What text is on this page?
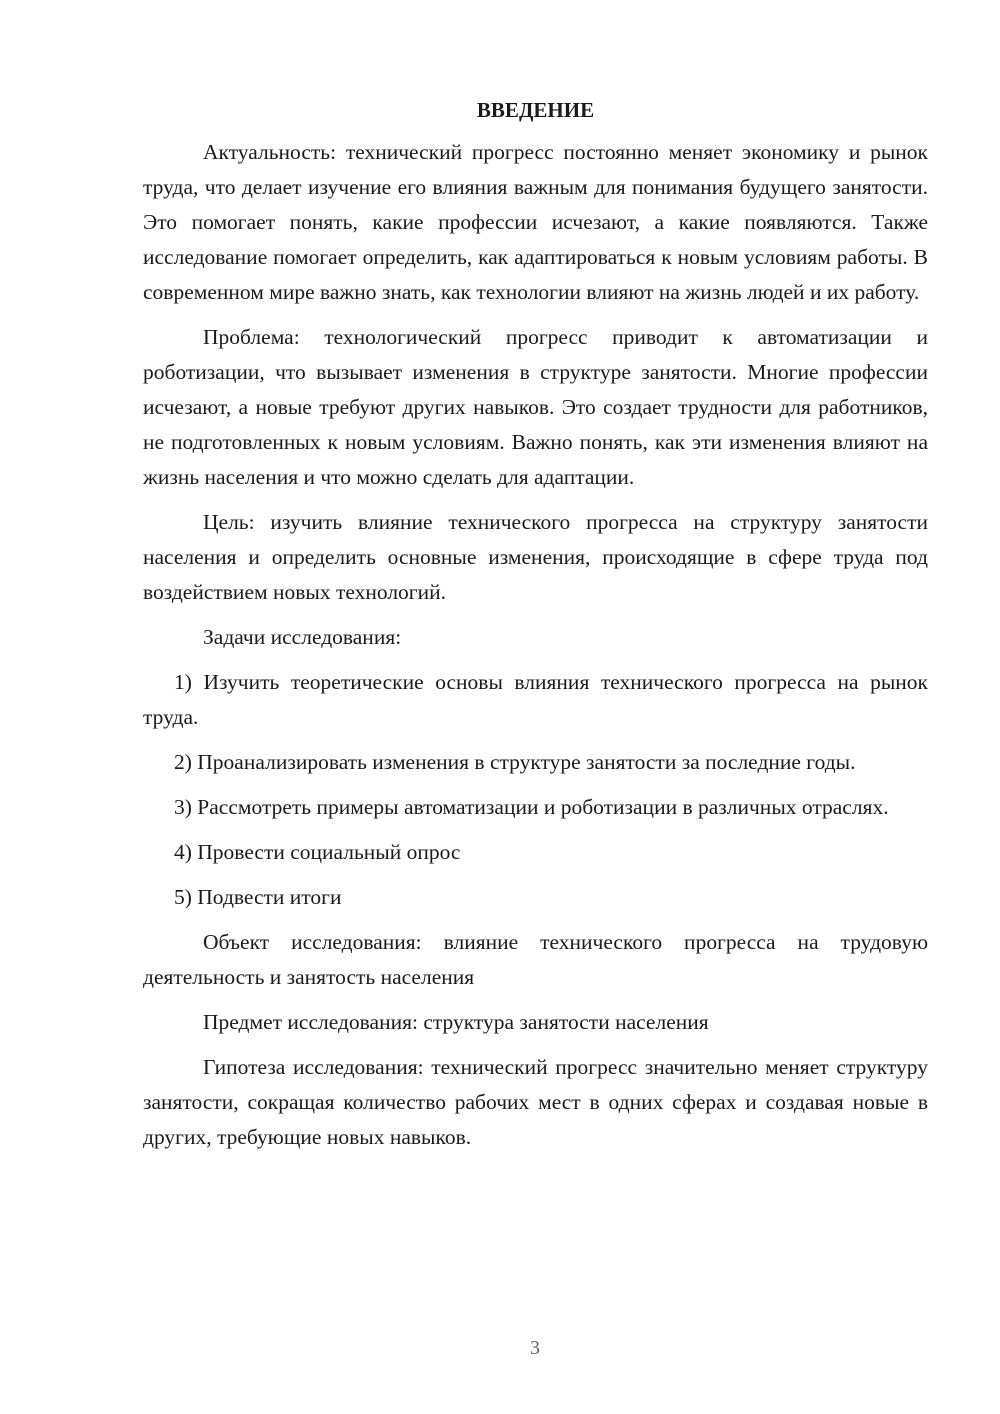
ВВЕДЕНИЕ

Актуальность: технический прогресс постоянно меняет экономику и рынок труда, что делает изучение его влияния важным для понимания будущего занятости. Это помогает понять, какие профессии исчезают, а какие появляются. Также исследование помогает определить, как адаптироваться к новым условиям работы. В современном мире важно знать, как технологии влияют на жизнь людей и их работу.

Проблема: технологический прогресс приводит к автоматизации и роботизации, что вызывает изменения в структуре занятости. Многие профессии исчезают, а новые требуют других навыков. Это создает трудности для работников, не подготовленных к новым условиям. Важно понять, как эти изменения влияют на жизнь населения и что можно сделать для адаптации.

Цель: изучить влияние технического прогресса на структуру занятости населения и определить основные изменения, происходящие в сфере труда под воздействием новых технологий.

Задачи исследования:

1) Изучить теоретические основы влияния технического прогресса на рынок труда.

2) Проанализировать изменения в структуре занятости за последние годы.

3) Рассмотреть примеры автоматизации и роботизации в различных отраслях.

4) Провести социальный опрос

5) Подвести итоги

Объект исследования: влияние технического прогресса на трудовую деятельность и занятость населения

Предмет исследования: структура занятости населения

Гипотеза исследования: технический прогресс значительно меняет структуру занятости, сокращая количество рабочих мест в одних сферах и создавая новые в других, требующие новых навыков.

3
